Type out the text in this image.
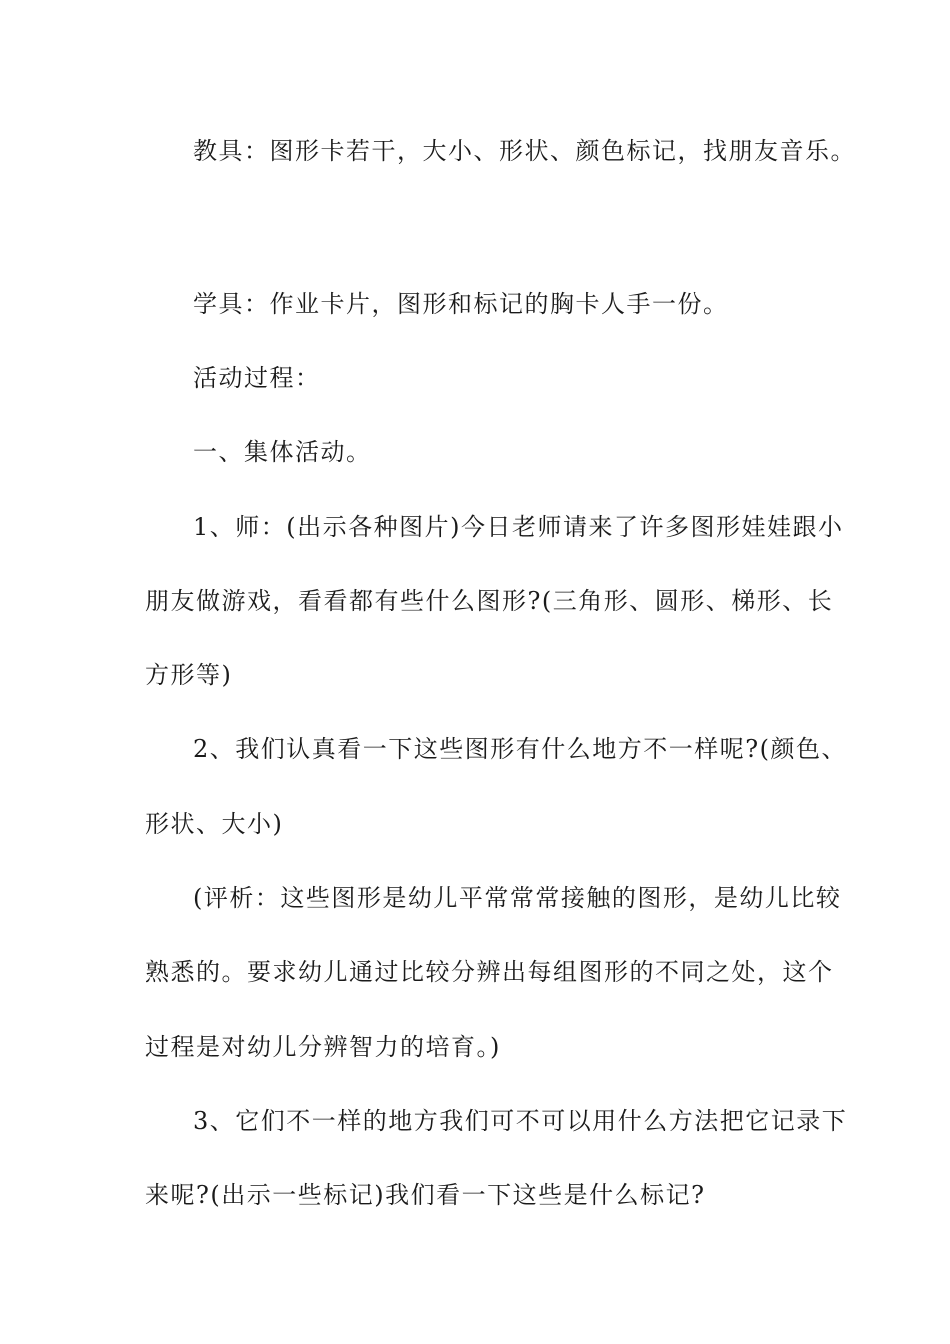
教具：图形卡若干，大小、形状、颜色标记，找朋友音乐。
学具：作业卡片，图形和标记的胸卡人手一份。
活动过程：
一、集体活动。
1、师：(出示各种图片)今日老师请来了许多图形娃娃跟小
朋友做游戏，看看都有些什么图形?(三角形、圆形、梯形、长
方形等)
2、我们认真看一下这些图形有什么地方不一样呢?(颜色、
形状、大小)
(评析：这些图形是幼儿平常常常接触的图形，是幼儿比较
熟悉的。要求幼儿通过比较分辨出每组图形的不同之处，这个
过程是对幼儿分辨智力的培育。)
3、它们不一样的地方我们可不可以用什么方法把它记录下
来呢?(出示一些标记)我们看一下这些是什么标记?
